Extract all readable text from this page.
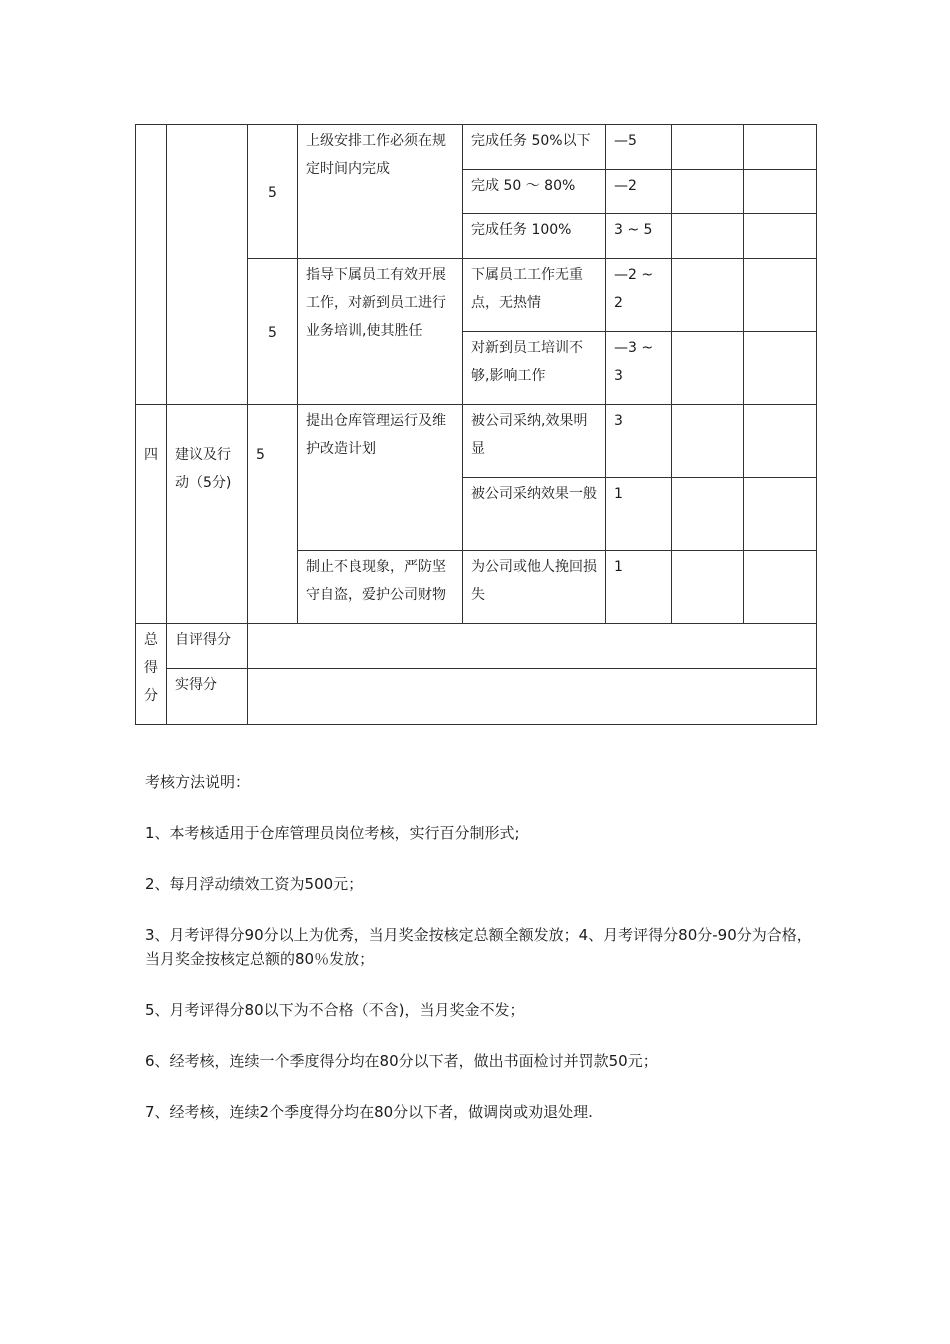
		5	上级安排工作必须在规定时间内完成	完成任务 50%以下	—5		
				完成 50 ～ 80%	—2		
				完成任务 100%	3 ~ 5		
		5	指导下属员工有效开展工作，对新到员工进行业务培训,使其胜任	下属员工工作无重点，无热情	—2 ~ 2		
				对新到员工培训不够,影响工作	—3 ~ 3		
四	建议及行动（5分)	5	提出仓库管理运行及维护改造计划	被公司采纳,效果明显	3		
				被公司采纳效果一般	1		
			制止不良现象，严防坚守自盗，爱护公司财物	为公司或他人挽回损失	1		
总得分	自评得分						
	实得分						

考核方法说明：

1、本考核适用于仓库管理员岗位考核，实行百分制形式;

2、每月浮动绩效工资为500元；

3、月考评得分90分以上为优秀，当月奖金按核定总额全额发放；4、月考评得分80分-90分为合格，当月奖金按核定总额的80％发放；

5、月考评得分80以下为不合格（不含)，当月奖金不发；

6、经考核，连续一个季度得分均在80分以下者，做出书面检讨并罚款50元；

7、经考核，连续2个季度得分均在80分以下者，做调岗或劝退处理.
